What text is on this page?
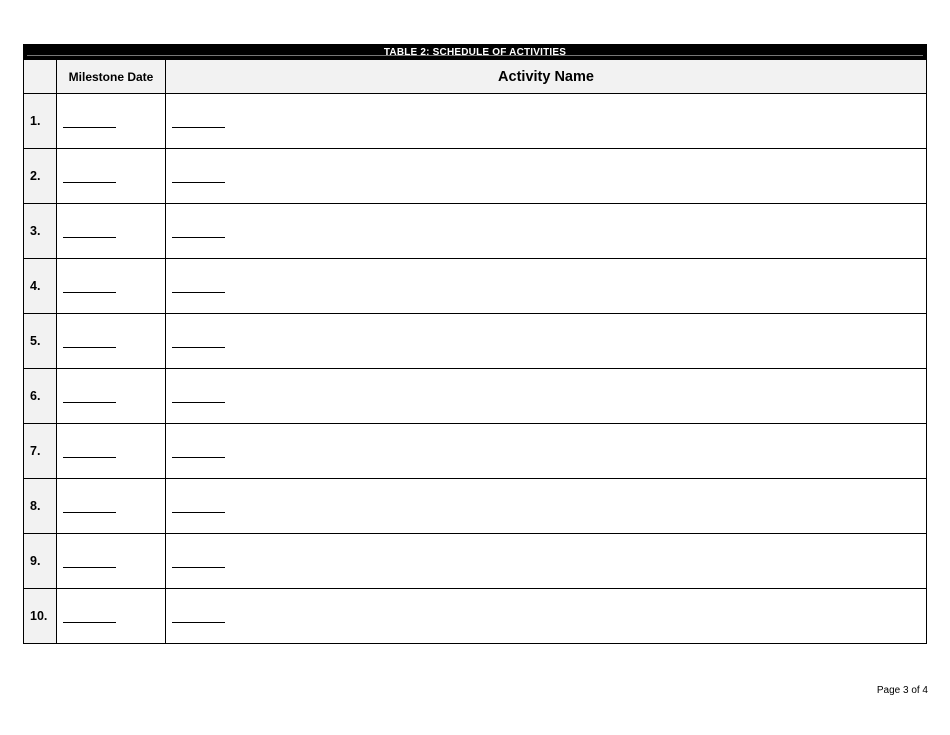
TABLE 2: SCHEDULE OF ACTIVITIES
	Milestone Date	Activity Name
1.		
2.		
3.		
4.		
5.		
6.		
7.		
8.		
9.		
10.		
Page 3 of 4
